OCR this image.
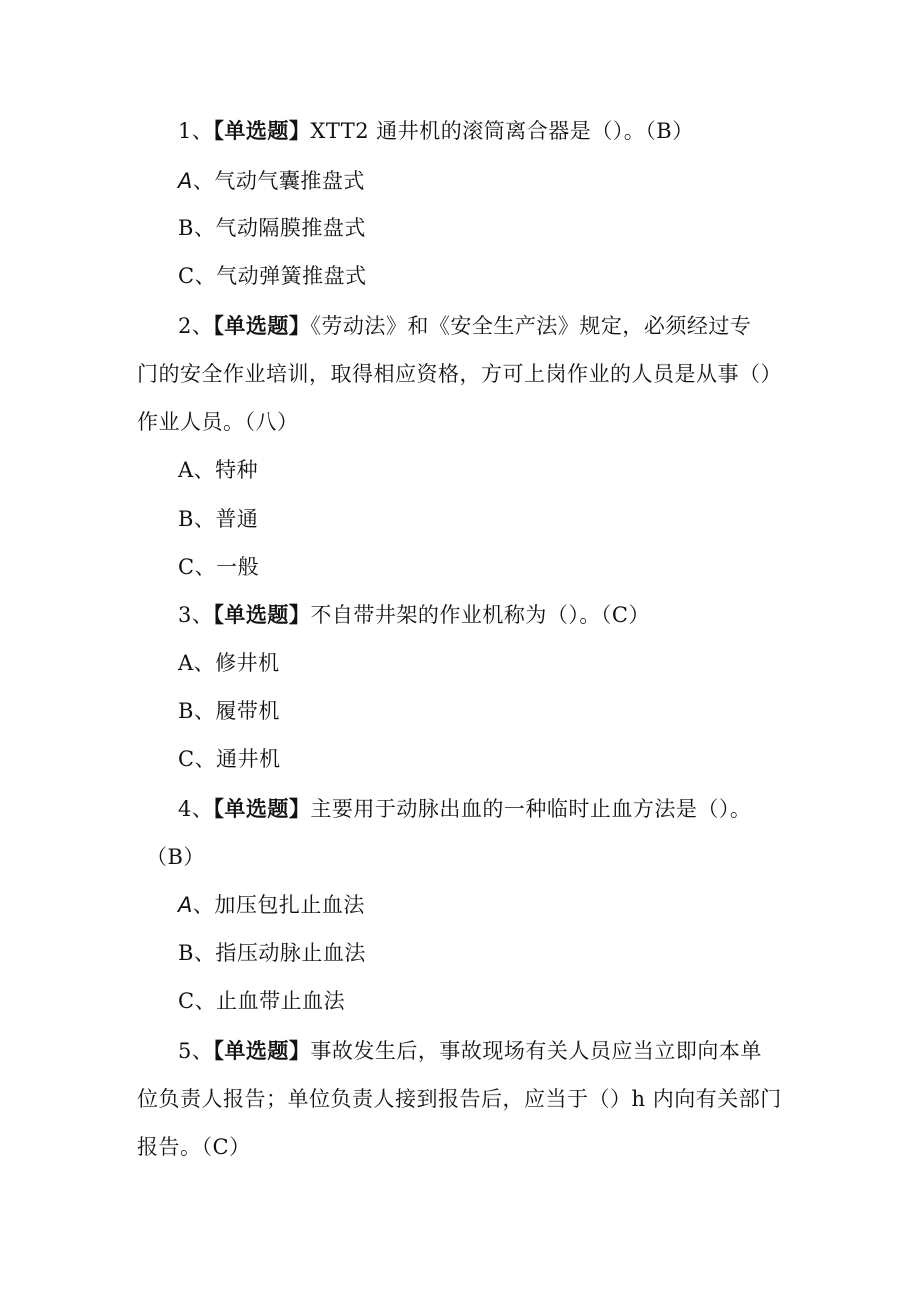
1、【单选题】XTT2 通井机的滚筒离合器是（）。（B）
A、气动气囊推盘式
B、气动隔膜推盘式
C、气动弹簧推盘式
2、【单选题】《劳动法》和《安全生产法》规定，必须经过专
门的安全作业培训，取得相应资格，方可上岗作业的人员是从事（）
作业人员。（八）
A、特种
B、普通
C、一般
3、【单选题】不自带井架的作业机称为（）。（C）
A、修井机
B、履带机
C、通井机
4、【单选题】主要用于动脉出血的一种临时止血方法是（）。
（B）
A、加压包扎止血法
B、指压动脉止血法
C、止血带止血法
5、【单选题】事故发生后，事故现场有关人员应当立即向本单
位负责人报告；单位负责人接到报告后，应当于（）h 内向有关部门
报告。（C）
